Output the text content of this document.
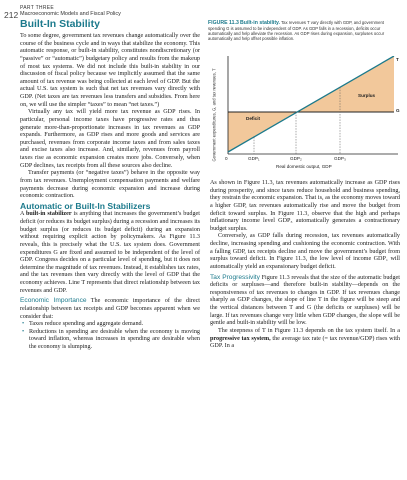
212
PART THREE
Macroeconomic Models and Fiscal Policy
Built-In Stability

To some degree, government tax revenues change automatically over the course of the business cycle and in ways that stabilize the economy. This automatic response, or built-in stability, constitutes nondiscretionary (or “passive” or “automatic”) budgetary policy and results from the makeup of most tax systems. We did not include this built-in stability in our discussion of fiscal policy because we implicitly assumed that the same amount of tax revenue was being collected at each level of GDP. But the actual U.S. tax system is such that net tax revenues vary directly with GDP. (Net taxes are tax revenues less transfers and subsidies. From here on, we will use the simpler “taxes” to mean “net taxes.”)

Virtually any tax will yield more tax revenue as GDP rises. In particular, personal income taxes have progressive rates and thus generate more-than-proportionate increases in tax revenues as GDP expands. Furthermore, as GDP rises and more goods and services are purchased, revenues from corporate income taxes and from sales taxes and excise taxes also increase. And, similarly, revenues from payroll taxes rise as economic expansion creates more jobs. Conversely, when GDP declines, tax receipts from all these sources also decline.

Transfer payments (or “negative taxes”) behave in the opposite way from tax revenues. Unemployment compensation payments and welfare payments decrease during economic expansion and increase during economic contraction.

Automatic or Built-In Stabilizers

A built-in stabilizer is anything that increases the government’s budget deficit (or reduces its budget surplus) during a recession and increases its budget surplus (or reduces its budget deficit) during an expansion without requiring explicit action by policymakers. As Figure 11.3 reveals, this is precisely what the U.S. tax system does. Government expenditures G are fixed and assumed to be independent of the level of GDP. Congress decides on a particular level of spending, but it does not determine the magnitude of tax revenues. Instead, it establishes tax rates, and the tax revenues then vary directly with the level of GDP that the economy achieves. Line T represents that direct relationship between tax revenues and GDP.

Economic Importance The economic importance of the direct relationship between tax receipts and GDP becomes apparent when we consider that:

• Taxes reduce spending and aggregate demand.
• Reductions in spending are desirable when the economy is moving toward inflation, whereas increases in spending are desirable when the economy is slumping.
FIGURE 11.3 Built-in stability. Tax revenues T vary directly with GDP, and government spending G is assumed to be independent of GDP. As GDP falls in a recession, deficits occur automatically and help alleviate the recession. As GDP rises during expansion, surpluses occur automatically and help offset possible inflation.
Government expenditures, G, and tax revenues, T
T
G
Surplus
Deficit
0	GDP₁	GDP₂	GDP₃
Real domestic output, GDP

As shown in Figure 11.3, tax revenues automatically increase as GDP rises during prosperity, and since taxes reduce household and business spending, they restrain the economic expansion. That is, as the economy moves toward a higher GDP, tax revenues automatically rise and move the budget from deficit toward surplus. In Figure 11.3, observe that the high and perhaps inflationary income level GDP₃ automatically generates a contractionary budget surplus.

Conversely, as GDP falls during recession, tax revenues automatically decline, increasing spending and cushioning the economic contraction. With a falling GDP, tax receipts decline and move the government’s budget from surplus toward deficit. In Figure 11.3, the low level of income GDP₁ will automatically yield an expansionary budget deficit.

Tax Progressivity Figure 11.3 reveals that the size of the automatic budget deficits or surpluses—and therefore built-in stability—depends on the responsiveness of tax revenues to changes in GDP. If tax revenues change sharply as GDP changes, the slope of line T in the figure will be steep and the vertical distances between T and G (the deficits or surpluses) will be large. If tax revenues change very little when GDP changes, the slope will be gentle and built-in stability will be low.

The steepness of T in Figure 11.3 depends on the tax system itself. In a progressive tax system, the average tax rate (= tax revenue/GDP) rises with GDP. In a
